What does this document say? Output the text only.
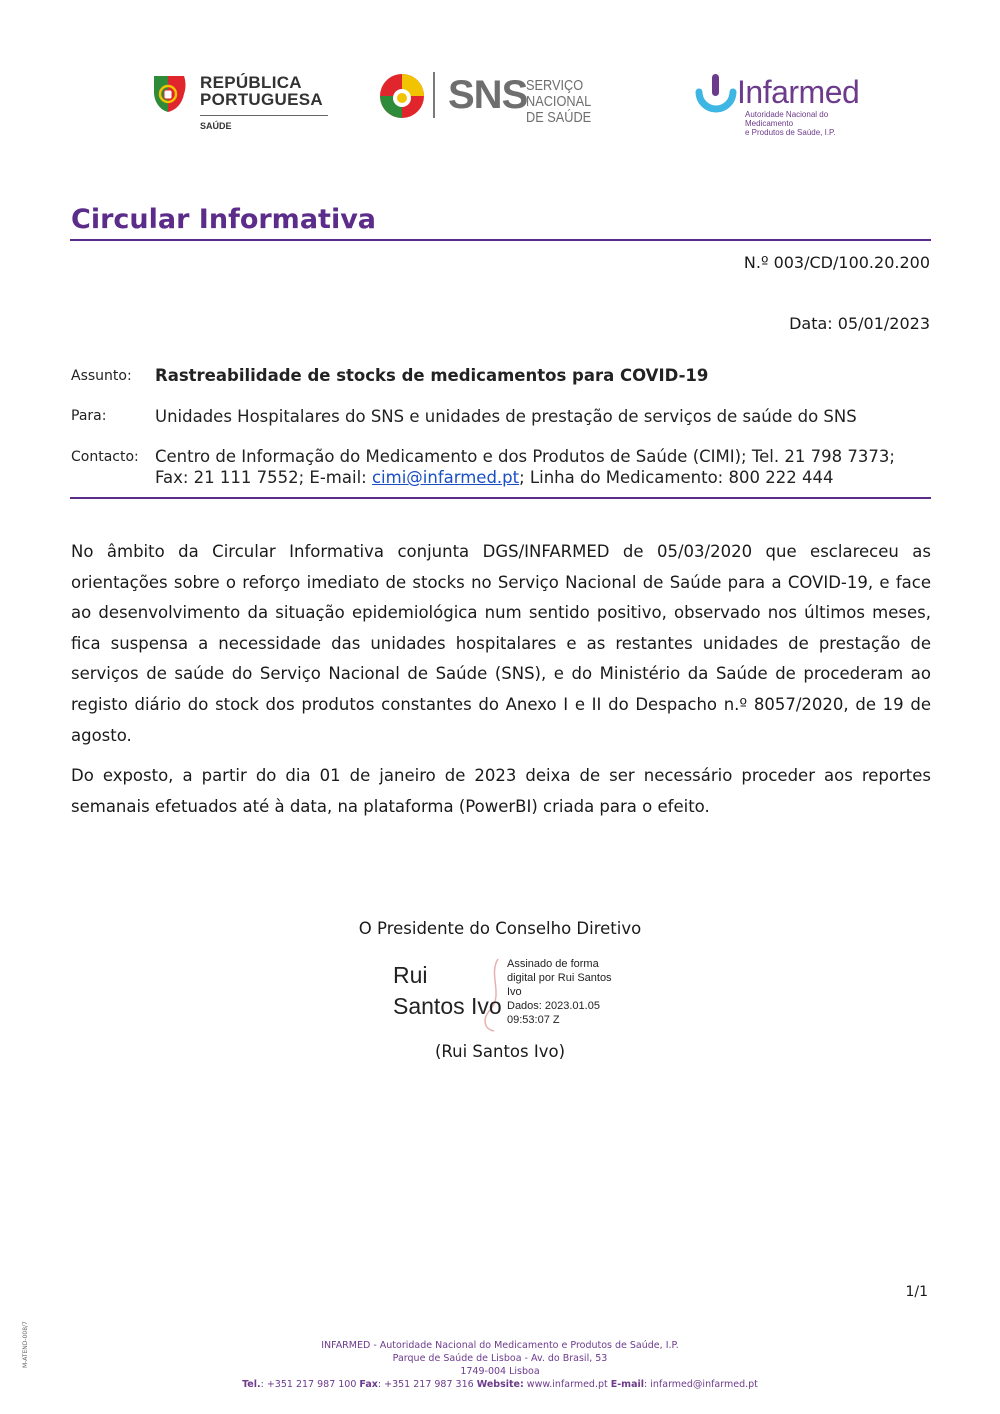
REPÚBLICA
PORTUGUESA
SAÚDE
SNS
SERVIÇO NACIONAL
DE SAÚDE
Infarmed
Autoridade Nacional do Medicamento
e Produtos de Saúde, I.P.
Circular Informativa
N.º 003/CD/100.20.200
Data: 05/01/2023
Assunto: Rastreabilidade de stocks de medicamentos para COVID-19
Para:	Unidades Hospitalares do SNS e unidades de prestação de serviços de saúde do SNS
Contacto: Centro de Informação do Medicamento e dos Produtos de Saúde (CIMI); Tel. 21 798 7373;
Fax: 21 111 7552; E-mail: cimi@infarmed.pt; Linha do Medicamento: 800 222 444
No âmbito da Circular Informativa conjunta DGS/INFARMED de 05/03/2020 que esclareceu as orientações sobre o reforço imediato de stocks no Serviço Nacional de Saúde para a COVID-19, e face ao desenvolvimento da situação epidemiológica num sentido positivo, observado nos últimos meses, fica suspensa a necessidade das unidades hospitalares e as restantes unidades de prestação de serviços de saúde do Serviço Nacional de Saúde (SNS), e do Ministério da Saúde de procederam ao registo diário do stock dos produtos constantes do Anexo I e II do Despacho n.º 8057/2020, de 19 de agosto.
Do exposto, a partir do dia 01 de janeiro de 2023 deixa de ser necessário proceder aos reportes semanais efetuados até à data, na plataforma (PowerBI) criada para o efeito.
O Presidente do Conselho Diretivo
Rui
Santos Ivo
Assinado de forma
digital por Rui Santos
Ivo
Dados: 2023.01.05
09:53:07 Z
(Rui Santos Ivo)
1/1
M-ATEND-008/7	INFARMED - Autoridade Nacional do Medicamento e Produtos de Saúde, I.P.
Parque de Saúde de Lisboa - Av. do Brasil, 53
1749-004 Lisboa
Tel.: +351 217 987 100 Fax: +351 217 987 316 Website: www.infarmed.pt E-mail: infarmed@infarmed.pt
